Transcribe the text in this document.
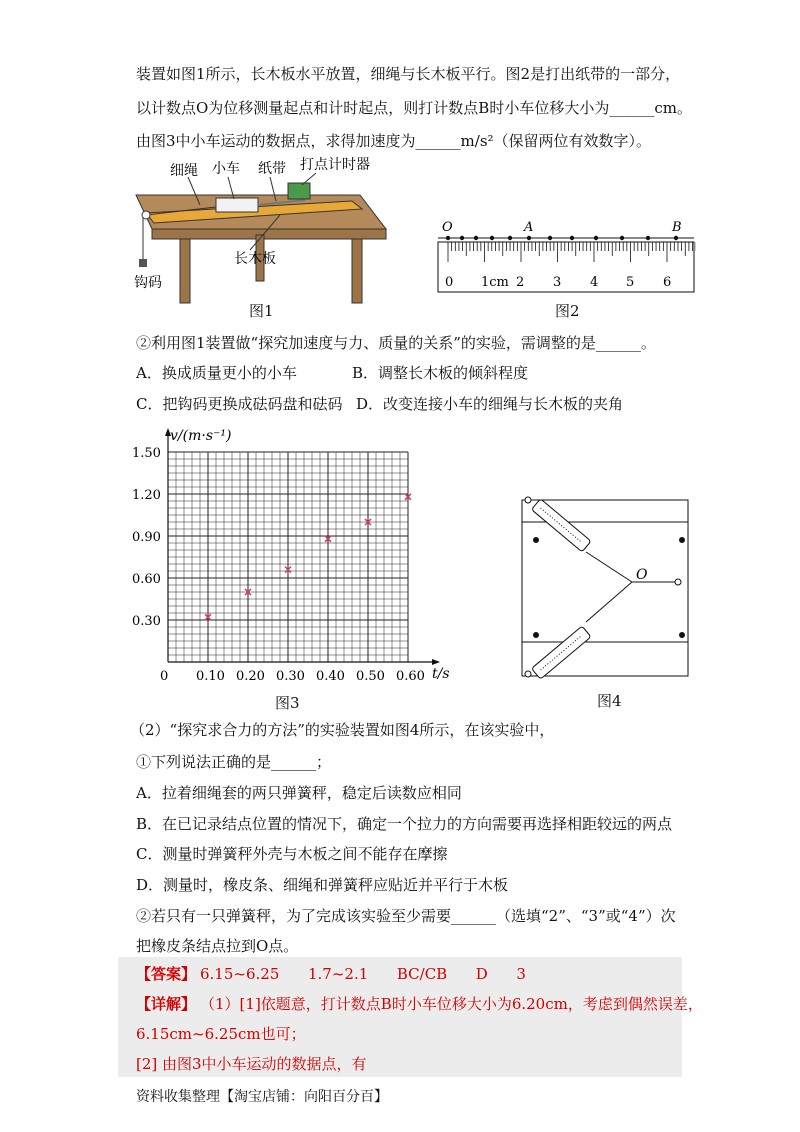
装置如图1所示，长木板水平放置，细绳与长木板平行。图2是打出纸带的一部分，
以计数点O为位移测量起点和计时起点，则打计数点B时小车位移大小为______cm。
由图3中小车运动的数据点，求得加速度为______m/s²（保留两位有效数字）。
细绳 小车 纸带 打点计时器
长木板
钩码
图1
O	A	B
0 1cm 2 3 4 5 6
图2
②利用图1装置做“探究加速度与力、质量的关系”的实验，需调整的是______。
A．换成质量更小的小车	B．调整长木板的倾斜程度
C．把钩码更换成砝码盘和砝码 D．改变连接小车的细绳与长木板的夹角
0 0.10 0.20 0.30 0.40 0.50 0.60
0.30
0.60
0.90
1.20
1.50
v/(m·s⁻¹)
t/s
图3
O
图4
（2）“探究求合力的方法”的实验装置如图4所示，在该实验中，
①下列说法正确的是______；
A．拉着细绳套的两只弹簧秤，稳定后读数应相同
B．在已记录结点位置的情况下，确定一个拉力的方向需要再选择相距较远的两点
C．测量时弹簧秤外壳与木板之间不能存在摩擦
D．测量时，橡皮条、细绳和弹簧秤应贴近并平行于木板
②若只有一只弹簧秤，为了完成该实验至少需要______（选填“2”、“3”或“4”）次
把橡皮条结点拉到O点。
【答案】 6.15~6.25      1.7~2.1      BC/CB      D      3
【详解】 （1）[1]依题意，打计数点B时小车位移大小为6.20cm，考虑到偶然误差，
6.15cm~6.25cm也可；
[2] 由图3中小车运动的数据点，有
资料收集整理【淘宝店铺：向阳百分百】
